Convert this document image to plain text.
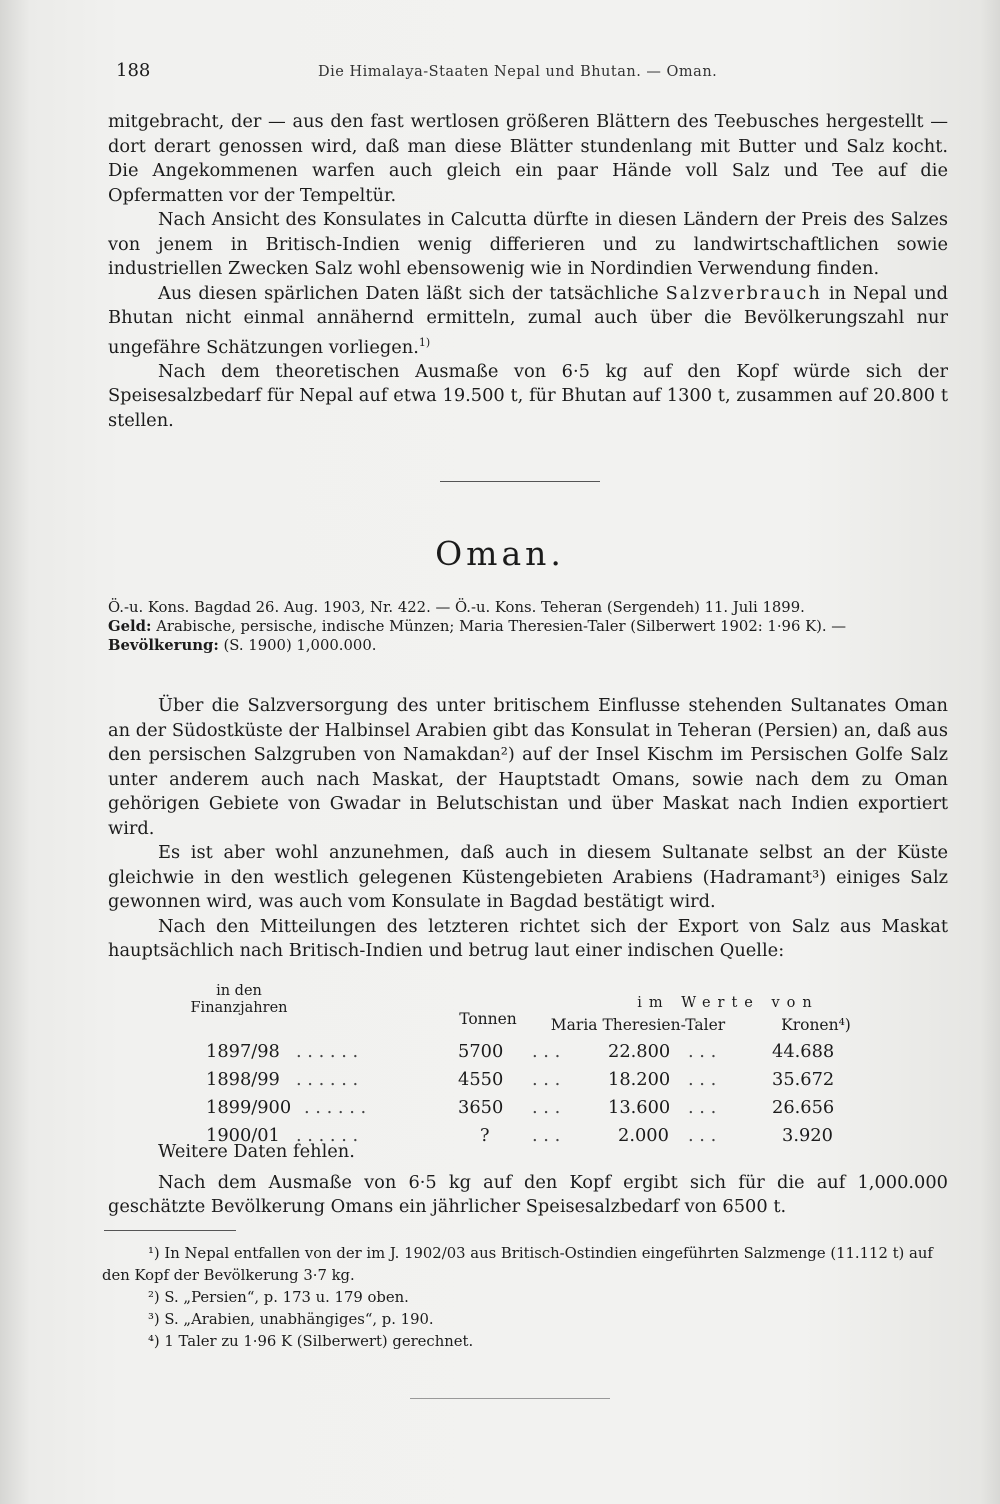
188	Die Himalaya-Staaten Nepal und Bhutan. — Oman.

mitgebracht, der — aus den fast wertlosen größeren Blättern des Teebusches hergestellt — dort derart genossen wird, daß man diese Blätter stundenlang mit Butter und Salz kocht. Die Angekommenen warfen auch gleich ein paar Hände voll Salz und Tee auf die Opfermatten vor der Tempeltür.

Nach Ansicht des Konsulates in Calcutta dürfte in diesen Ländern der Preis des Salzes von jenem in Britisch-Indien wenig differieren und zu landwirtschaftlichen sowie industriellen Zwecken Salz wohl ebensowenig wie in Nordindien Verwendung finden.

Aus diesen spärlichen Daten läßt sich der tatsächliche Salzverbrauch in Nepal und Bhutan nicht einmal annähernd ermitteln, zumal auch über die Bevölkerungszahl nur ungefähre Schätzungen vorliegen.$^{1)}$

Nach dem theoretischen Ausmaße von 6·5 kg auf den Kopf würde sich der Speisesalzbedarf für Nepal auf etwa 19.500 t, für Bhutan auf 1300 t, zusammen auf 20.800 t stellen.

Oman.
Ö.-u. Kons. Bagdad 26. Aug. 1903, Nr. 422. — Ö.-u. Kons. Teheran (Sergendeh) 11. Juli 1899.
Geld: Arabische, persische, indische Münzen; Maria Theresien-Taler (Silberwert 1902: 1·96 K). —
Bevölkerung: (S. 1900) 1,000.000.

Über die Salzversorgung des unter britischem Einflusse stehenden Sultanates Oman an der Südostküste der Halbinsel Arabien gibt das Konsulat in Teheran (Persien) an, daß aus den persischen Salzgruben von Namakdan²) auf der Insel Kischm im Persischen Golfe Salz unter anderem auch nach Maskat, der Hauptstadt Omans, sowie nach dem zu Oman gehörigen Gebiete von Gwadar in Belutschistan und über Maskat nach Indien exportiert wird.

Es ist aber wohl anzunehmen, daß auch in diesem Sultanate selbst an der Küste gleichwie in den westlich gelegenen Küstengebieten Arabiens (Hadramant³) einiges Salz gewonnen wird, was auch vom Konsulate in Bagdad bestätigt wird.

Nach den Mitteilungen des letzteren richtet sich der Export von Salz aus Maskat hauptsächlich nach Britisch-Indien und betrug laut einer indischen Quelle:

in den Finanzjahren
Tonnen
im Werte von
Maria Theresien-Taler	Kronen⁴)
1897/98 . . . . . .	5700 . . .	22.800 . . .	44.688
1898/99 . . . . . .	4550 . . .	18.200 . . .	35.672
1899/900 . . . . . .	3650 . . .	13.600 . . .	26.656
1900/01 . . . . . .	? . . .	2.000 . . .	3.920

Weitere Daten fehlen.

Nach dem Ausmaße von 6·5 kg auf den Kopf ergibt sich für die auf 1,000.000 geschätzte Bevölkerung Omans ein jährlicher Speisesalzbedarf von 6500 t.

¹) In Nepal entfallen von der im J. 1902/03 aus Britisch-Ostindien eingeführten Salzmenge (11.112 t) auf den Kopf der Bevölkerung 3·7 kg.

²) S. „Persien“, p. 173 u. 179 oben.

³) S. „Arabien, unabhängiges“, p. 190.

⁴) 1 Taler zu 1·96 K (Silberwert) gerechnet.
